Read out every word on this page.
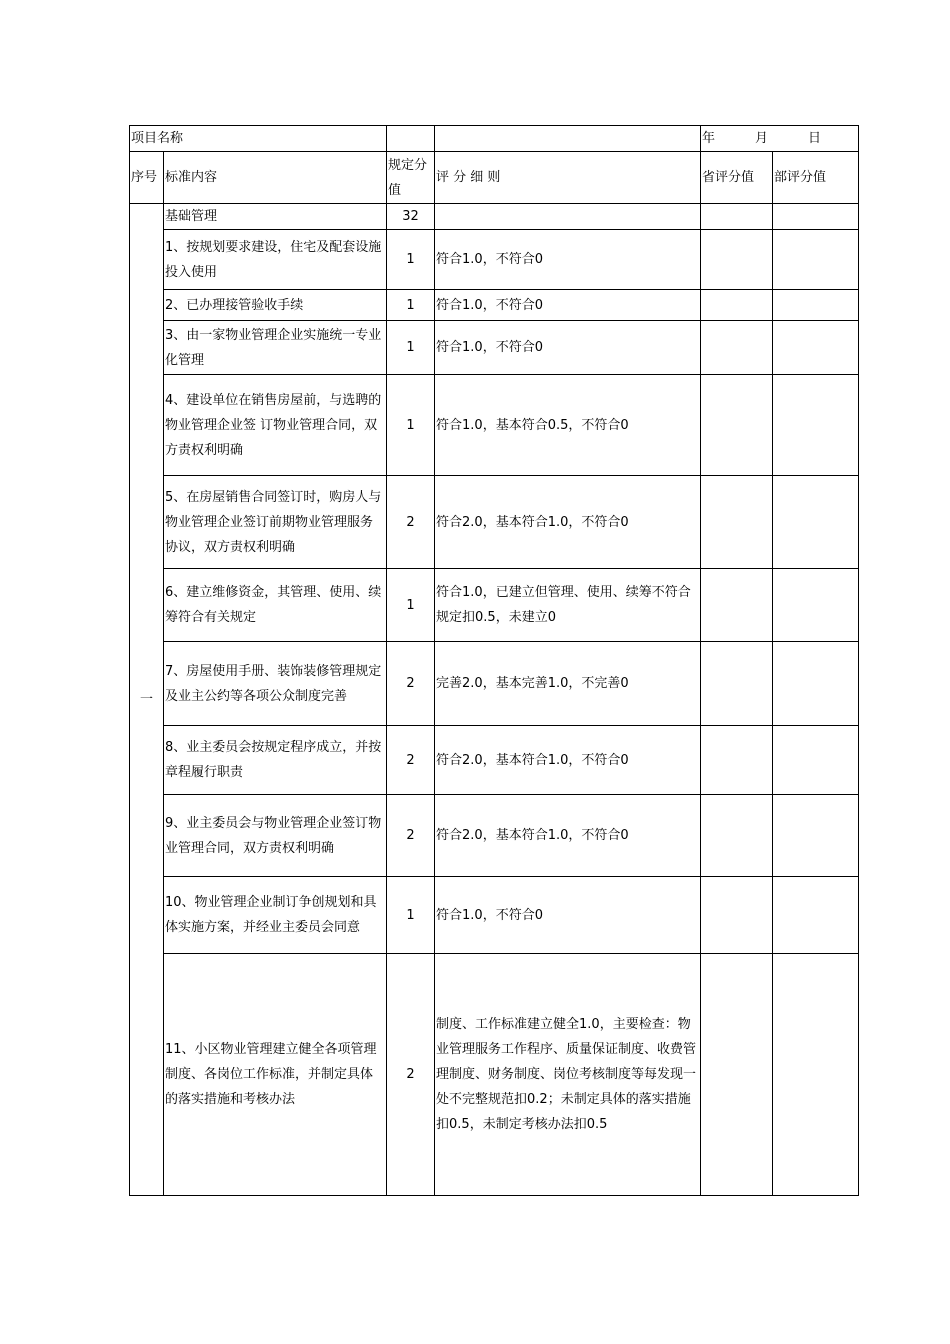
项目名称				年 月 日	
序号	标准内容	规定分值	评 分 细 则	省评分值	部评分值
一	基础管理	32			
	1、按规划要求建设，住宅及配套设施投入使用	1	符合1.0，不符合0		
	2、已办理接管验收手续	1	符合1.0，不符合0		
	3、由一家物业管理企业实施统一专业化管理	1	符合1.0，不符合0		
	4、建设单位在销售房屋前，与选聘的物业管理企业签 订物业管理合同，双方责权利明确	1	符合1.0，基本符合0.5，不符合0		
	5、在房屋销售合同签订时，购房人与物业管理企业签订前期物业管理服务协议，双方责权利明确	2	符合2.0，基本符合1.0，不符合0		
	6、建立维修资金，其管理、使用、续筹符合有关规定	1	符合1.0，已建立但管理、使用、续筹不符合规定扣0.5，未建立0		
	7、房屋使用手册、装饰装修管理规定及业主公约等各项公众制度完善	2	完善2.0，基本完善1.0，不完善0		
	8、业主委员会按规定程序成立，并按章程履行职责	2	符合2.0，基本符合1.0，不符合0		
	9、业主委员会与物业管理企业签订物业管理合同，双方责权利明确	2	符合2.0，基本符合1.0，不符合0		
	10、物业管理企业制订争创规划和具体实施方案，并经业主委员会同意	1	符合1.0，不符合0		
	11、小区物业管理建立健全各项管理制度、各岗位工作标准，并制定具体的落实措施和考核办法	2	制度、工作标准建立健全1.0，主要检查：物业管理服务工作程序、质量保证制度、收费管理制度、财务制度、岗位考核制度等每发现一处不完整规范扣0.2；未制定具体的落实措施扣0.5，未制定考核办法扣0.5		
